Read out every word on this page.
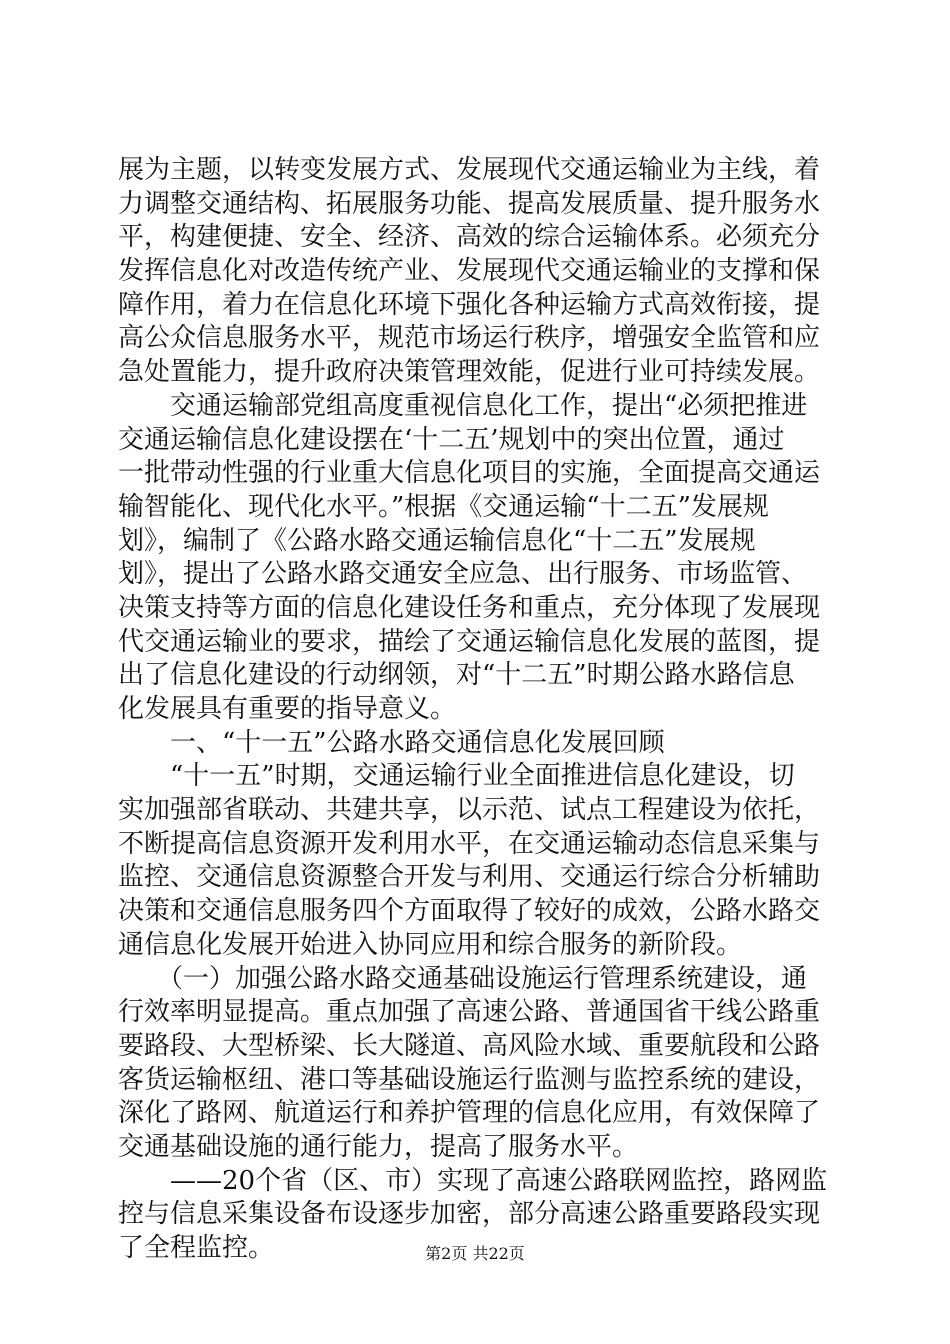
展为主题，以转变发展方式、发展现代交通运输业为主线，着
力调整交通结构、拓展服务功能、提高发展质量、提升服务水
平，构建便捷、安全、经济、高效的综合运输体系。必须充分
发挥信息化对改造传统产业、发展现代交通运输业的支撑和保
障作用，着力在信息化环境下强化各种运输方式高效衔接，提
高公众信息服务水平，规范市场运行秩序，增强安全监管和应
急处置能力，提升政府决策管理效能，促进行业可持续发展。
　　交通运输部党组高度重视信息化工作，提出“必须把推进
交通运输信息化建设摆在‘十二五’规划中的突出位置，通过
一批带动性强的行业重大信息化项目的实施，全面提高交通运
输智能化、现代化水平。”根据《交通运输“十二五”发展规
划》，编制了《公路水路交通运输信息化“十二五”发展规
划》，提出了公路水路交通安全应急、出行服务、市场监管、
决策支持等方面的信息化建设任务和重点，充分体现了发展现
代交通运输业的要求，描绘了交通运输信息化发展的蓝图，提
出了信息化建设的行动纲领，对“十二五”时期公路水路信息
化发展具有重要的指导意义。
　　一、“十一五”公路水路交通信息化发展回顾
　　“十一五”时期，交通运输行业全面推进信息化建设，切
实加强部省联动、共建共享，以示范、试点工程建设为依托，
不断提高信息资源开发利用水平，在交通运输动态信息采集与
监控、交通信息资源整合开发与利用、交通运行综合分析辅助
决策和交通信息服务四个方面取得了较好的成效，公路水路交
通信息化发展开始进入协同应用和综合服务的新阶段。
　　（一）加强公路水路交通基础设施运行管理系统建设，通
行效率明显提高。重点加强了高速公路、普通国省干线公路重
要路段、大型桥梁、长大隧道、高风险水域、重要航段和公路
客货运输枢纽、港口等基础设施运行监测与监控系统的建设，
深化了路网、航道运行和养护管理的信息化应用，有效保障了
交通基础设施的通行能力，提高了服务水平。
　　——20个省（区、市）实现了高速公路联网监控，路网监
控与信息采集设备布设逐步加密，部分高速公路重要路段实现
了全程监控。	第2页 共22页
